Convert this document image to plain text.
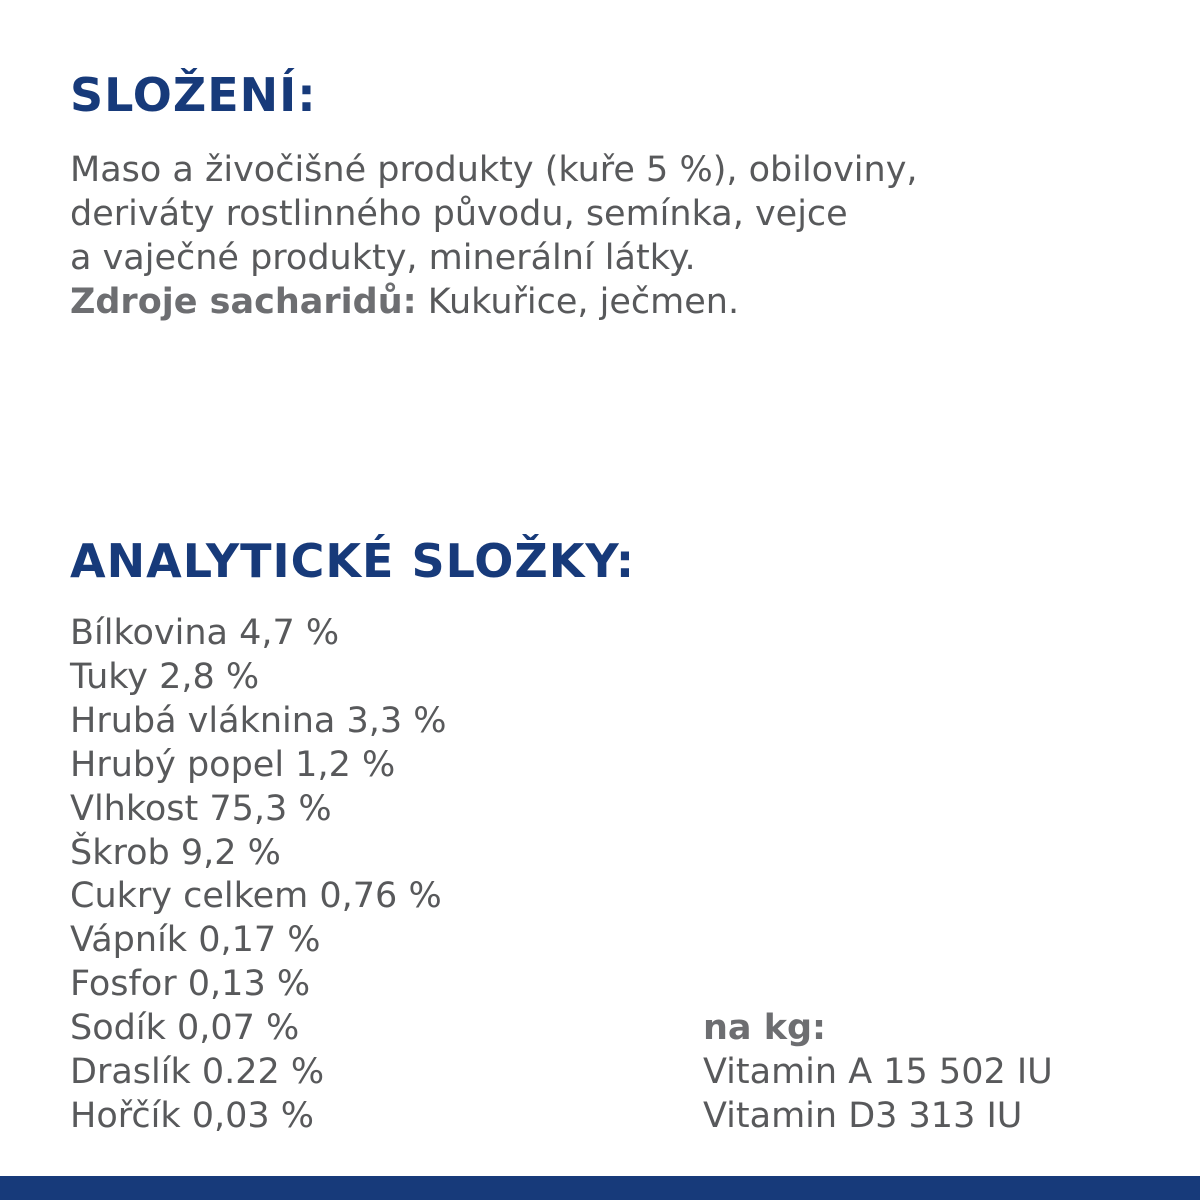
SLOŽENÍ:
Maso a živočišné produkty (kuře 5 %), obiloviny,
deriváty rostlinného původu, semínka, vejce
a vaječné produkty, minerální látky.
Zdroje sacharidů: Kukuřice, ječmen.
ANALYTICKÉ SLOŽKY:
Bílkovina 4,7 %
Tuky 2,8 %
Hrubá vláknina 3,3 %
Hrubý popel 1,2 %
Vlhkost 75,3 %
Škrob 9,2 %
Cukry celkem 0,76 %
Vápník 0,17 %
Fosfor 0,13 %
Sodík 0,07 %
Draslík 0.22 %
Hořčík 0,03 %
na kg:
Vitamin A 15 502 IU
Vitamin D3 313 IU
